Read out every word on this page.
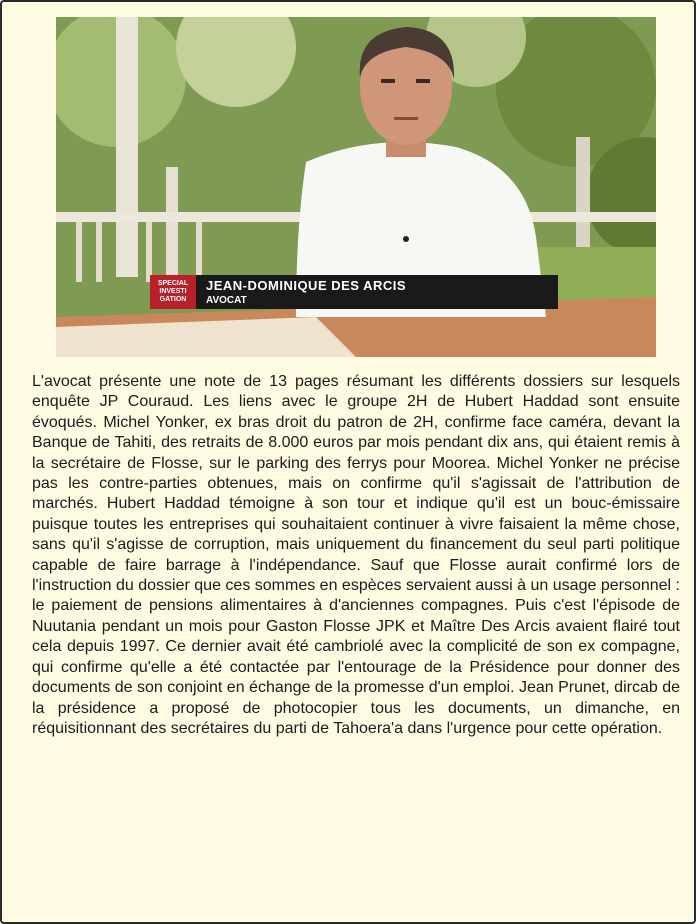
SPECIAL
INVESTI
GATION
JEAN-DOMINIQUE DES ARCIS
AVOCAT

L'avocat présente une note de 13 pages résumant les différents dossiers sur lesquels enquête JP Couraud. Les liens avec le groupe 2H de Hubert Haddad sont ensuite évoqués. Michel Yonker, ex bras droit du patron de 2H, confirme face caméra, devant la Banque de Tahiti, des retraits de 8.000 euros par mois pendant dix ans, qui étaient remis à la secrétaire de Flosse, sur le parking des ferrys pour Moorea. Michel Yonker ne précise pas les contre-parties obtenues, mais on confirme qu'il s'agissait de l'attribution de marchés. Hubert Haddad témoigne à son tour et indique qu'il est un bouc-émissaire puisque toutes les entreprises qui souhaitaient continuer à vivre faisaient la même chose, sans qu'il s'agisse de corruption, mais uniquement du financement du seul parti politique capable de faire barrage à l'indépendance. Sauf que Flosse aurait confirmé lors de l'instruction du dossier que ces sommes en espèces servaient aussi à un usage personnel : le paiement de pensions alimentaires à d'anciennes compagnes. Puis c'est l'épisode de Nuutania pendant un mois pour Gaston Flosse JPK et Maître Des Arcis avaient flairé tout cela depuis 1997. Ce dernier avait été cambriolé avec la complicité de son ex compagne, qui confirme qu'elle a été contactée par l'entourage de la Présidence pour donner des documents de son conjoint en échange de la promesse d'un emploi. Jean Prunet, dircab de la présidence a proposé de photocopier tous les documents, un dimanche, en réquisitionnant des secrétaires du parti de Tahoera'a dans l'urgence pour cette opération.
